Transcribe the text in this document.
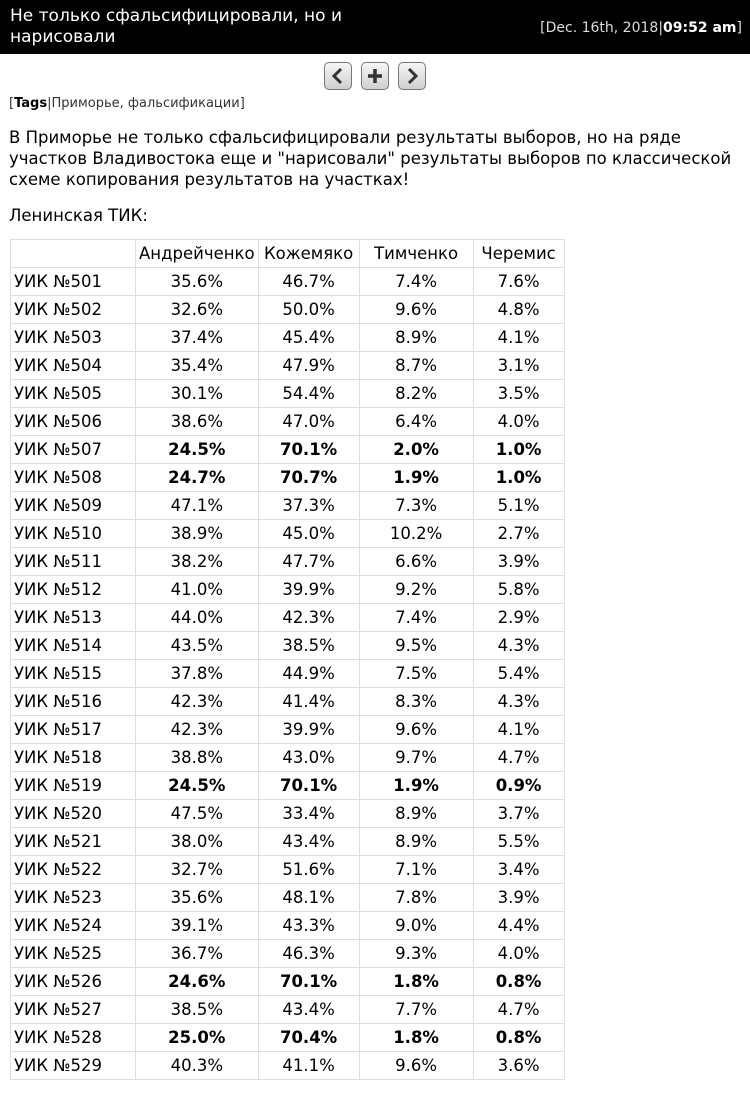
Не только сфальсифицировали, но и нарисовали	[Dec. 16th, 2018|09:52 am]

[Tags|Приморье, фальсификации]
В Приморье не только сфальсифицировали результаты выборов, но на ряде участков Владивостока еще и "нарисовали" результаты выборов по классической схеме копирования результатов на участках!
Ленинская ТИК:
	Андрейченко	Кожемяко	Тимченко	Черемис
УИК №501	35.6%	46.7%	7.4%	7.6%
УИК №502	32.6%	50.0%	9.6%	4.8%
УИК №503	37.4%	45.4%	8.9%	4.1%
УИК №504	35.4%	47.9%	8.7%	3.1%
УИК №505	30.1%	54.4%	8.2%	3.5%
УИК №506	38.6%	47.0%	6.4%	4.0%
УИК №507	24.5%	70.1%	2.0%	1.0%
УИК №508	24.7%	70.7%	1.9%	1.0%
УИК №509	47.1%	37.3%	7.3%	5.1%
УИК №510	38.9%	45.0%	10.2%	2.7%
УИК №511	38.2%	47.7%	6.6%	3.9%
УИК №512	41.0%	39.9%	9.2%	5.8%
УИК №513	44.0%	42.3%	7.4%	2.9%
УИК №514	43.5%	38.5%	9.5%	4.3%
УИК №515	37.8%	44.9%	7.5%	5.4%
УИК №516	42.3%	41.4%	8.3%	4.3%
УИК №517	42.3%	39.9%	9.6%	4.1%
УИК №518	38.8%	43.0%	9.7%	4.7%
УИК №519	24.5%	70.1%	1.9%	0.9%
УИК №520	47.5%	33.4%	8.9%	3.7%
УИК №521	38.0%	43.4%	8.9%	5.5%
УИК №522	32.7%	51.6%	7.1%	3.4%
УИК №523	35.6%	48.1%	7.8%	3.9%
УИК №524	39.1%	43.3%	9.0%	4.4%
УИК №525	36.7%	46.3%	9.3%	4.0%
УИК №526	24.6%	70.1%	1.8%	0.8%
УИК №527	38.5%	43.4%	7.7%	4.7%
УИК №528	25.0%	70.4%	1.8%	0.8%
УИК №529	40.3%	41.1%	9.6%	3.6%
